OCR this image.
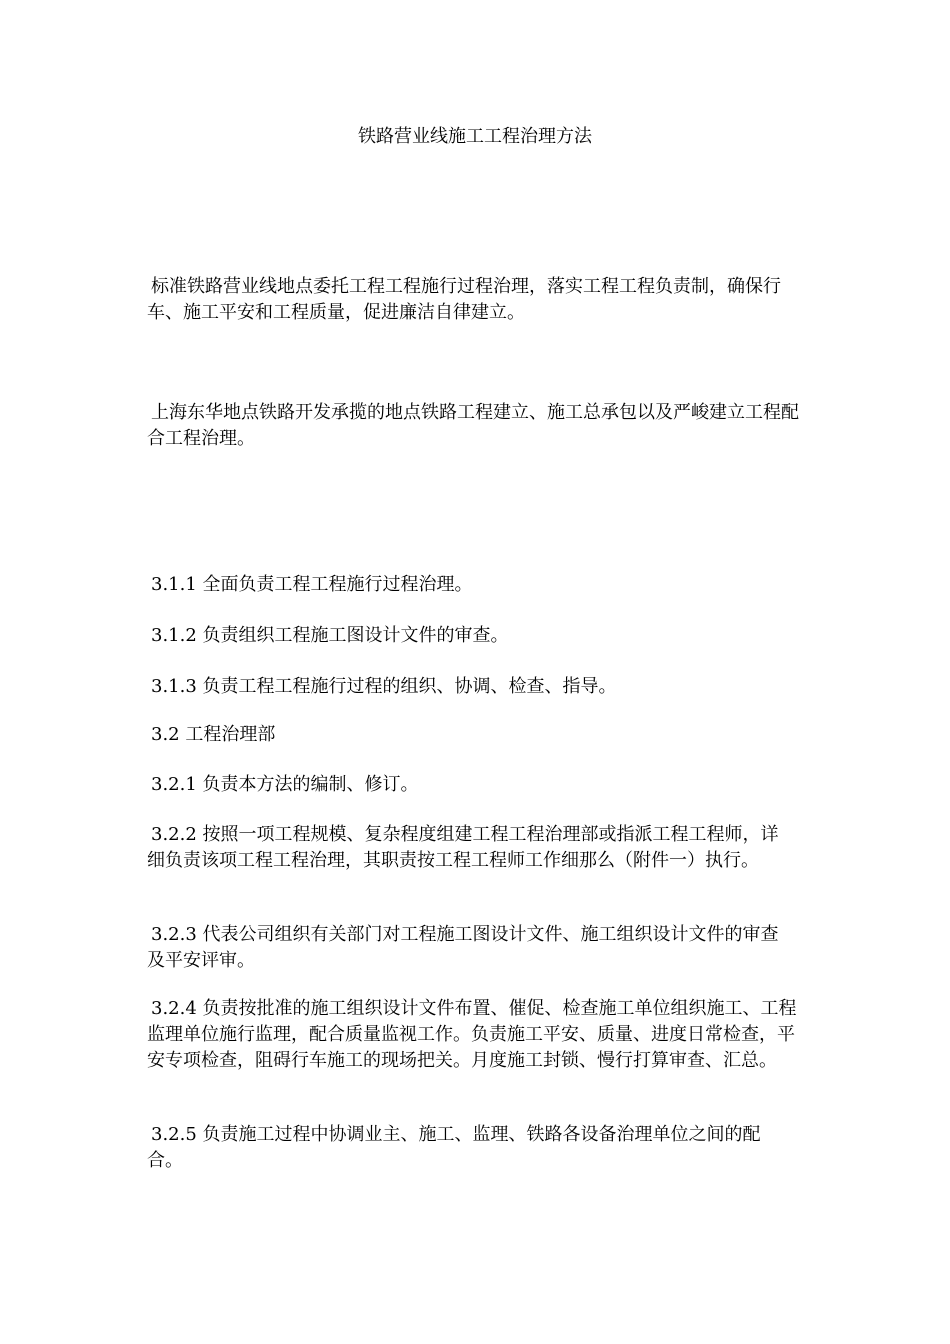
铁路营业线施工工程治理方法

标准铁路营业线地点委托工程工程施行过程治理，落实工程工程负责制，确保行车、施工平安和工程质量，促进廉洁自律建立。

上海东华地点铁路开发承揽的地点铁路工程建立、施工总承包以及严峻建立工程配合工程治理。

3.1.1 全面负责工程工程施行过程治理。

3.1.2 负责组织工程施工图设计文件的审查。

3.1.3 负责工程工程施行过程的组织、协调、检查、指导。

3.2 工程治理部

3.2.1 负责本方法的编制、修订。

3.2.2 按照一项工程规模、复杂程度组建工程工程治理部或指派工程工程师，详细负责该项工程工程治理，其职责按工程工程师工作细那么（附件一）执行。

3.2.3 代表公司组织有关部门对工程施工图设计文件、施工组织设计文件的审查及平安评审。

3.2.4 负责按批准的施工组织设计文件布置、催促、检查施工单位组织施工、工程监理单位施行监理，配合质量监视工作。负责施工平安、质量、进度日常检查，平安专项检查，阻碍行车施工的现场把关。月度施工封锁、慢行打算审查、汇总。

3.2.5 负责施工过程中协调业主、施工、监理、铁路各设备治理单位之间的配合。
